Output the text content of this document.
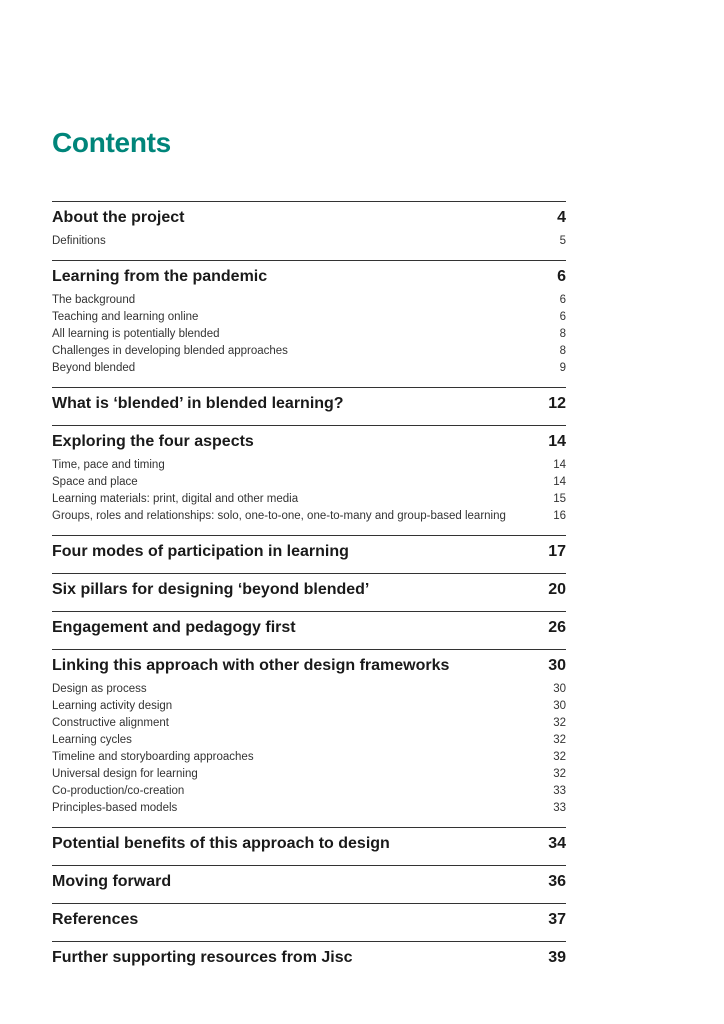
Contents
About the project	4
Definitions	5
Learning from the pandemic	6
The background	6
Teaching and learning online	6
All learning is potentially blended	8
Challenges in developing blended approaches	8
Beyond blended	9
What is ‘blended’ in blended learning?	12
Exploring the four aspects	14
Time, pace and timing	14
Space and place	14
Learning materials: print, digital and other media	15
Groups, roles and relationships: solo, one-to-one, one-to-many and group-based learning	16
Four modes of participation in learning	17
Six pillars for designing ‘beyond blended’	20
Engagement and pedagogy first	26
Linking this approach with other design frameworks	30
Design as process	30
Learning activity design	30
Constructive alignment	32
Learning cycles	32
Timeline and storyboarding approaches	32
Universal design for learning	32
Co-production/co-creation	33
Principles-based models	33
Potential benefits of this approach to design	34
Moving forward	36
References	37
Further supporting resources from Jisc	39
